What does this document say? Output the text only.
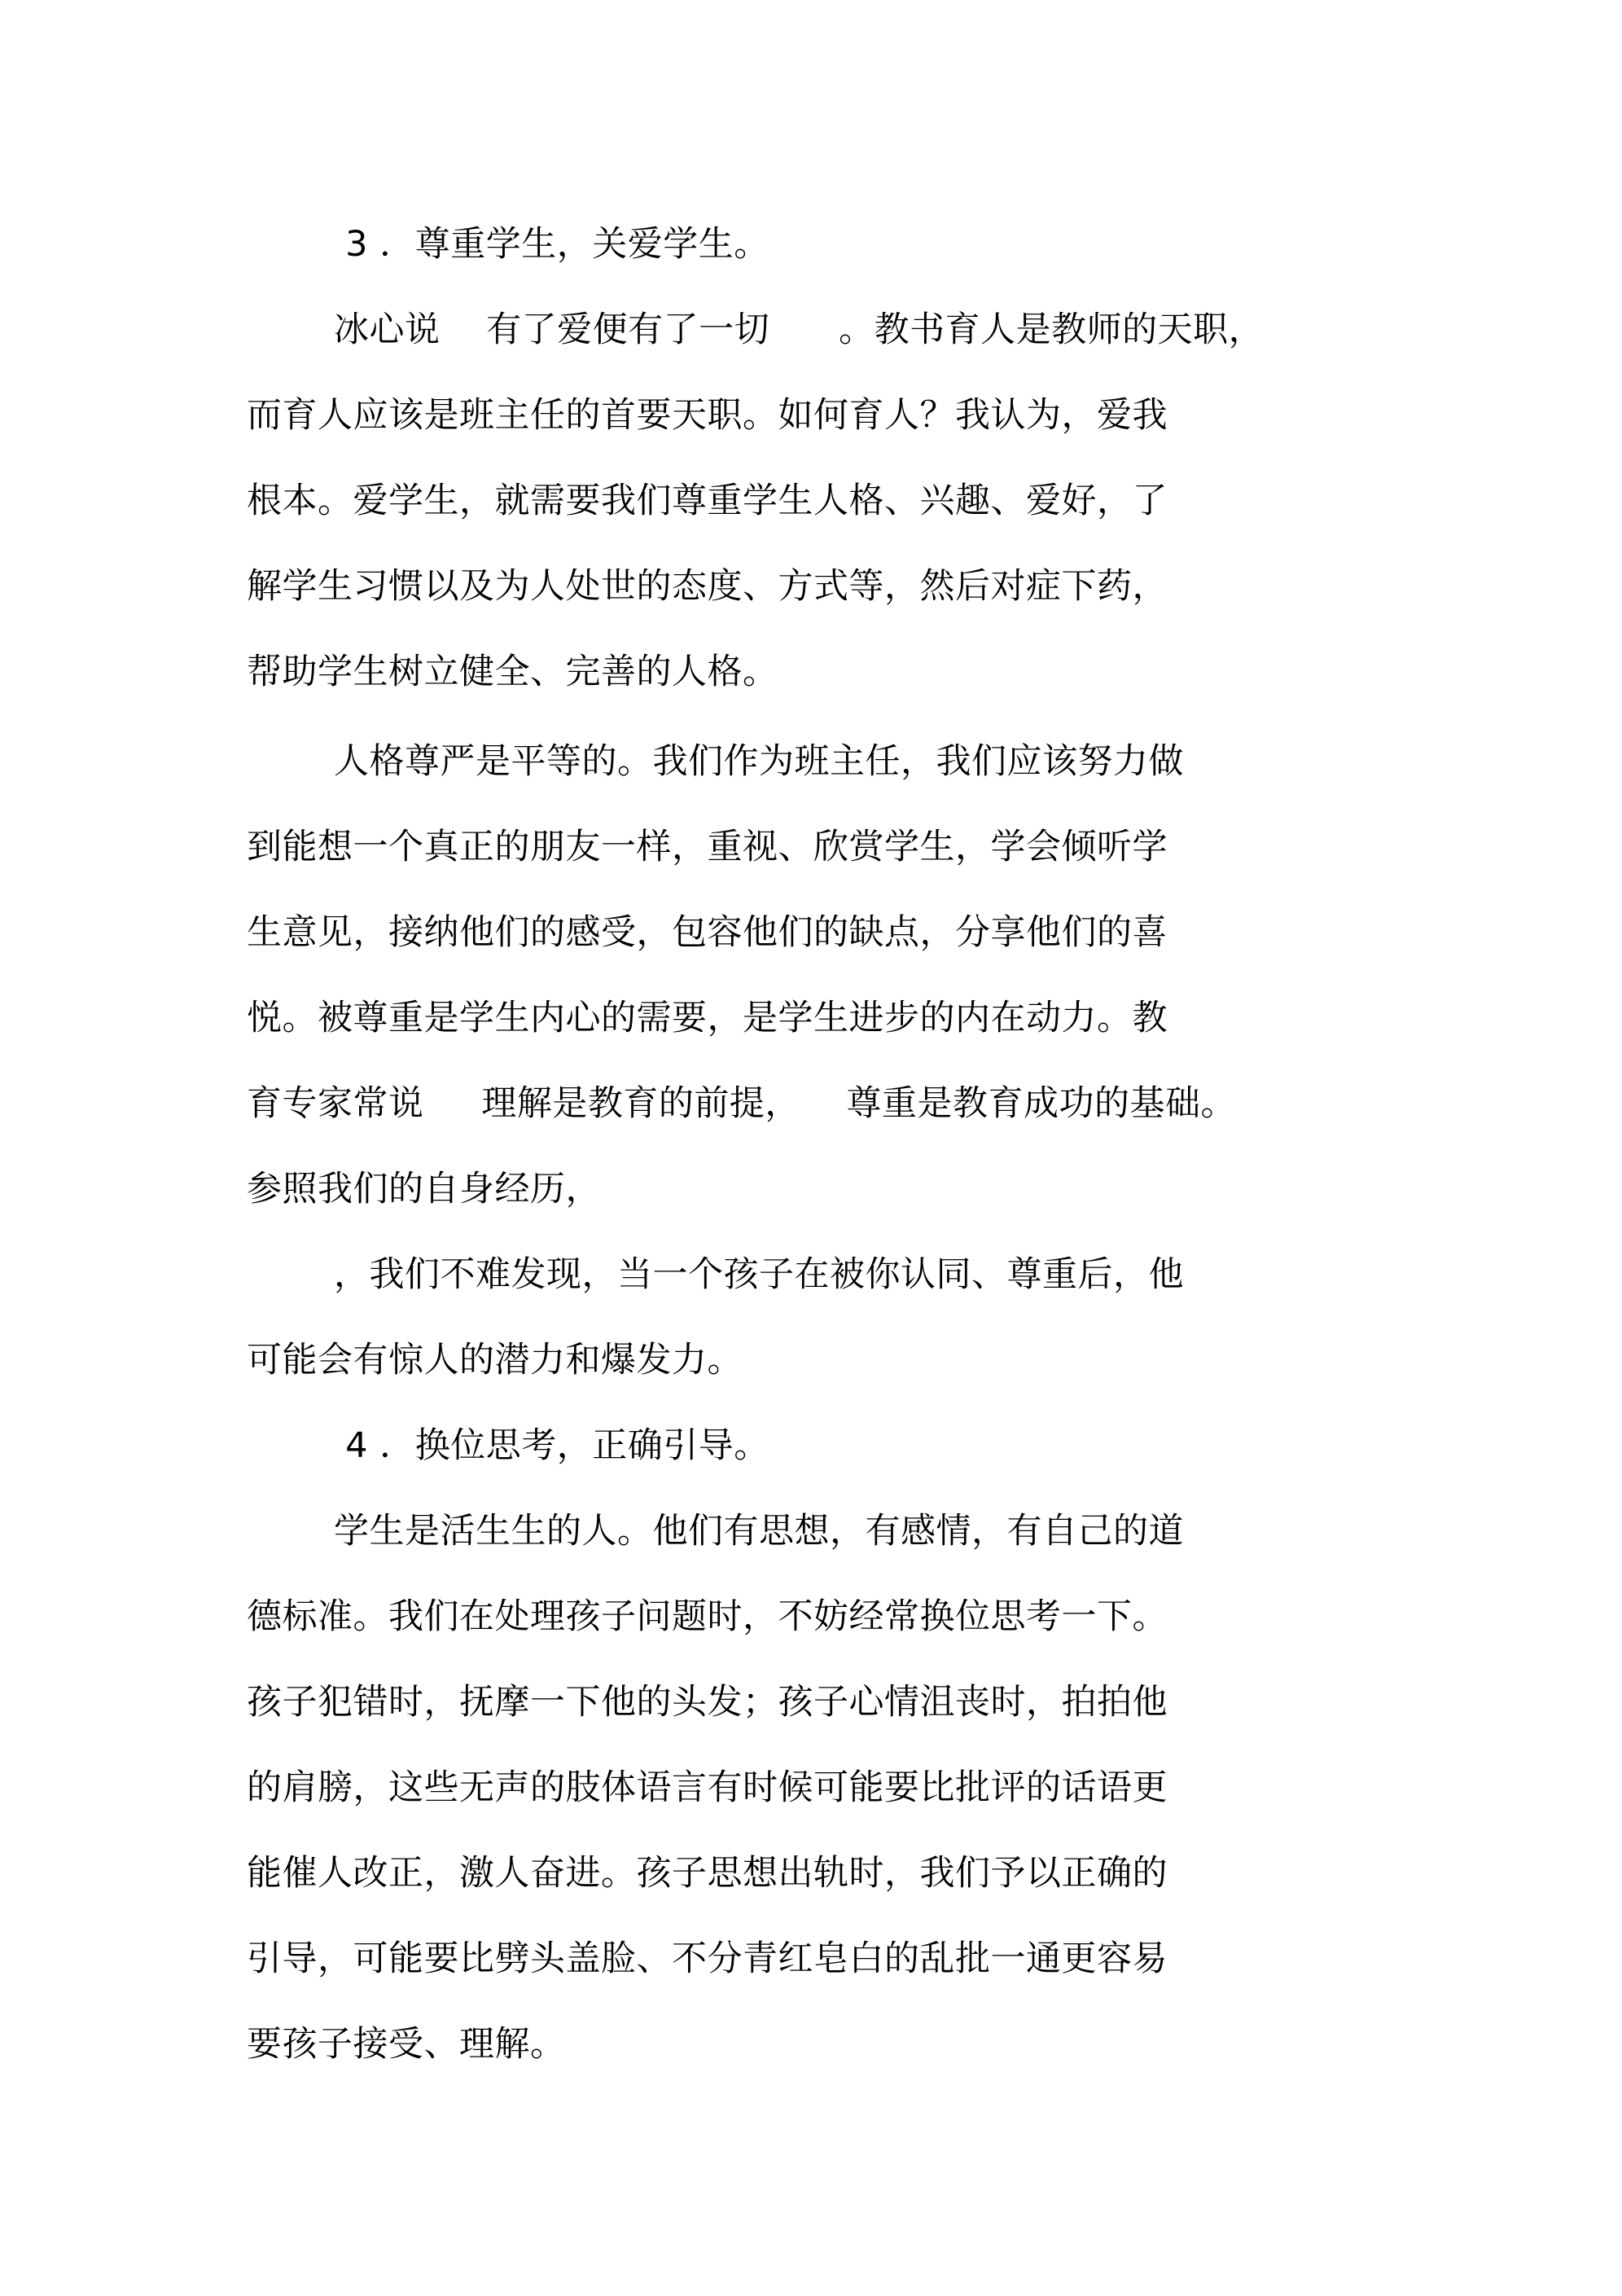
3 ．尊重学生，关爱学生。
冰心说    有了爱便有了一切      。教书育人是教师的天职，
而育人应该是班主任的首要天职。如何育人？我认为，爱我
根本。爱学生，就需要我们尊重学生人格、兴趣、爱好，了
解学生习惯以及为人处世的态度、方式等，然后对症下药，
帮助学生树立健全、完善的人格。
人格尊严是平等的。我们作为班主任，我们应该努力做
到能想一个真正的朋友一样，重视、欣赏学生，学会倾听学
生意见，接纳他们的感受，包容他们的缺点，分享他们的喜
悦。被尊重是学生内心的需要，是学生进步的内在动力。教
育专家常说     理解是教育的前提，    尊重是教育成功的基础。
参照我们的自身经历，
，我们不难发现，当一个孩子在被你认同、尊重后，他
可能会有惊人的潜力和爆发力。
4 ．换位思考，正确引导。
学生是活生生的人。他们有思想，有感情，有自己的道
德标准。我们在处理孩子问题时，不妨经常换位思考一下。
孩子犯错时，抚摩一下他的头发；孩子心情沮丧时，拍拍他
的肩膀，这些无声的肢体语言有时候可能要比批评的话语更
能催人改正，激人奋进。孩子思想出轨时，我们予以正确的
引导，可能要比劈头盖脸、不分青红皂白的乱批一通更容易
要孩子接受、理解。
